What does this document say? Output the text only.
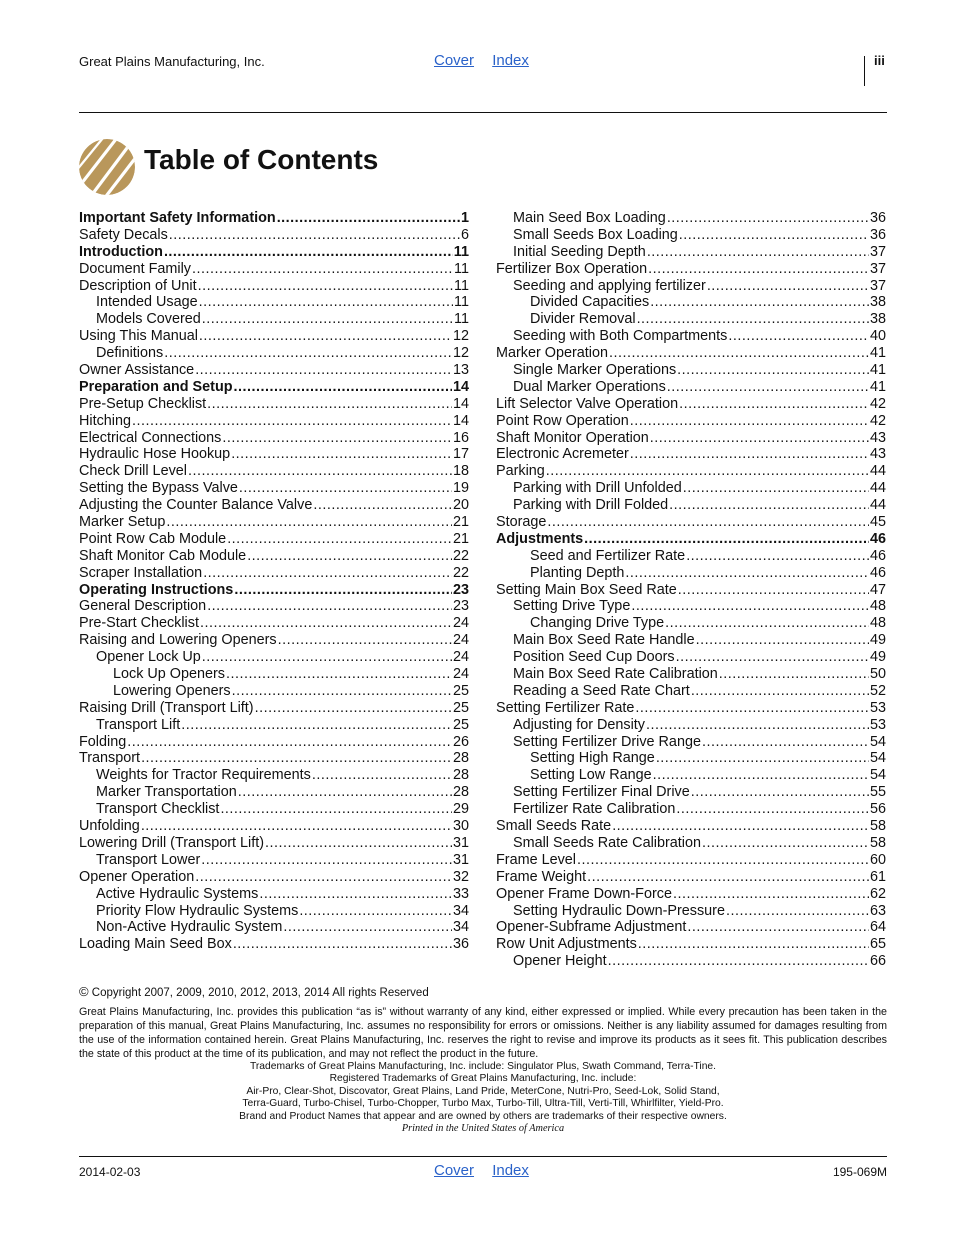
Great Plains Manufacturing, Inc.	Cover Index	iii
Table of Contents
Important Safety Information .....	1
Safety Decals .....	6
Introduction .....	11
Document Family .....	11
Description of Unit .....	11
Intended Usage .....	11
Models Covered .....	11
Using This Manual .....	12
Definitions .....	12
Owner Assistance .....	13
Preparation and Setup .....	14
Pre-Setup Checklist .....	14
Hitching .....	14
Electrical Connections .....	16
Hydraulic Hose Hookup .....	17
Check Drill Level .....	18
Setting the Bypass Valve .....	19
Adjusting the Counter Balance Valve .....	20
Marker Setup .....	21
Point Row Cab Module .....	21
Shaft Monitor Cab Module .....	22
Scraper Installation .....	22
Operating Instructions .....	23
General Description .....	23
Pre-Start Checklist .....	24
Raising and Lowering Openers .....	24
Opener Lock Up .....	24
Lock Up Openers .....	24
Lowering Openers .....	25
Raising Drill (Transport Lift) .....	25
Transport Lift .....	25
Folding .....	26
Transport .....	28
Weights for Tractor Requirements .....	28
Marker Transportation .....	28
Transport Checklist .....	29
Unfolding .....	30
Lowering Drill (Transport Lift) .....	31
Transport Lower .....	31
Opener Operation .....	32
Active Hydraulic Systems .....	33
Priority Flow Hydraulic Systems .....	34
Non-Active Hydraulic System .....	34
Loading Main Seed Box .....	36
Main Seed Box Loading .....	36
Small Seeds Box Loading .....	36
Initial Seeding Depth .....	37
Fertilizer Box Operation .....	37
Seeding and applying fertilizer .....	37
Divided Capacities .....	38
Divider Removal .....	38
Seeding with Both Compartments .....	40
Marker Operation .....	41
Single Marker Operations .....	41
Dual Marker Operations .....	41
Lift Selector Valve Operation .....	42
Point Row Operation .....	42
Shaft Monitor Operation .....	43
Electronic Acremeter .....	43
Parking .....	44
Parking with Drill Unfolded .....	44
Parking with Drill Folded .....	44
Storage .....	45
Adjustments .....	46
Seed and Fertilizer Rate .....	46
Planting Depth .....	46
Setting Main Box Seed Rate .....	47
Setting Drive Type .....	48
Changing Drive Type .....	48
Main Box Seed Rate Handle .....	49
Position Seed Cup Doors .....	49
Main Box Seed Rate Calibration .....	50
Reading a Seed Rate Chart .....	52
Setting Fertilizer Rate .....	53
Adjusting for Density .....	53
Setting Fertilizer Drive Range .....	54
Setting High Range .....	54
Setting Low Range .....	54
Setting Fertilizer Final Drive .....	55
Fertilizer Rate Calibration .....	56
Small Seeds Rate .....	58
Small Seeds Rate Calibration .....	58
Frame Level .....	60
Frame Weight .....	61
Opener Frame Down-Force .....	62
Setting Hydraulic Down-Pressure .....	63
Opener-Subframe Adjustment .....	64
Row Unit Adjustments .....	65
Opener Height .....	66
© Copyright 2007, 2009, 2010, 2012, 2013, 2014 All rights Reserved
Great Plains Manufacturing, Inc. provides this publication “as is” without warranty of any kind, either expressed or implied. While every precaution has been taken in the preparation of this manual, Great Plains Manufacturing, Inc. assumes no responsibility for errors or omissions. Neither is any liability assumed for damages resulting from the use of the information contained herein. Great Plains Manufacturing, Inc. reserves the right to revise and improve its products as it sees fit. This publication describes the state of this product at the time of its publication, and may not reflect the product in the future.
Trademarks of Great Plains Manufacturing, Inc. include: Singulator Plus, Swath Command, Terra-Tine.
Registered Trademarks of Great Plains Manufacturing, Inc. include:
Air-Pro, Clear-Shot, Discovator, Great Plains, Land Pride, MeterCone, Nutri-Pro, Seed-Lok, Solid Stand,
Terra-Guard, Turbo-Chisel, Turbo-Chopper, Turbo Max, Turbo-Till, Ultra-Till, Verti-Till, Whirlfilter, Yield-Pro.
Brand and Product Names that appear and are owned by others are trademarks of their respective owners.
Printed in the United States of America
2014-02-03	Cover Index	195-069M
